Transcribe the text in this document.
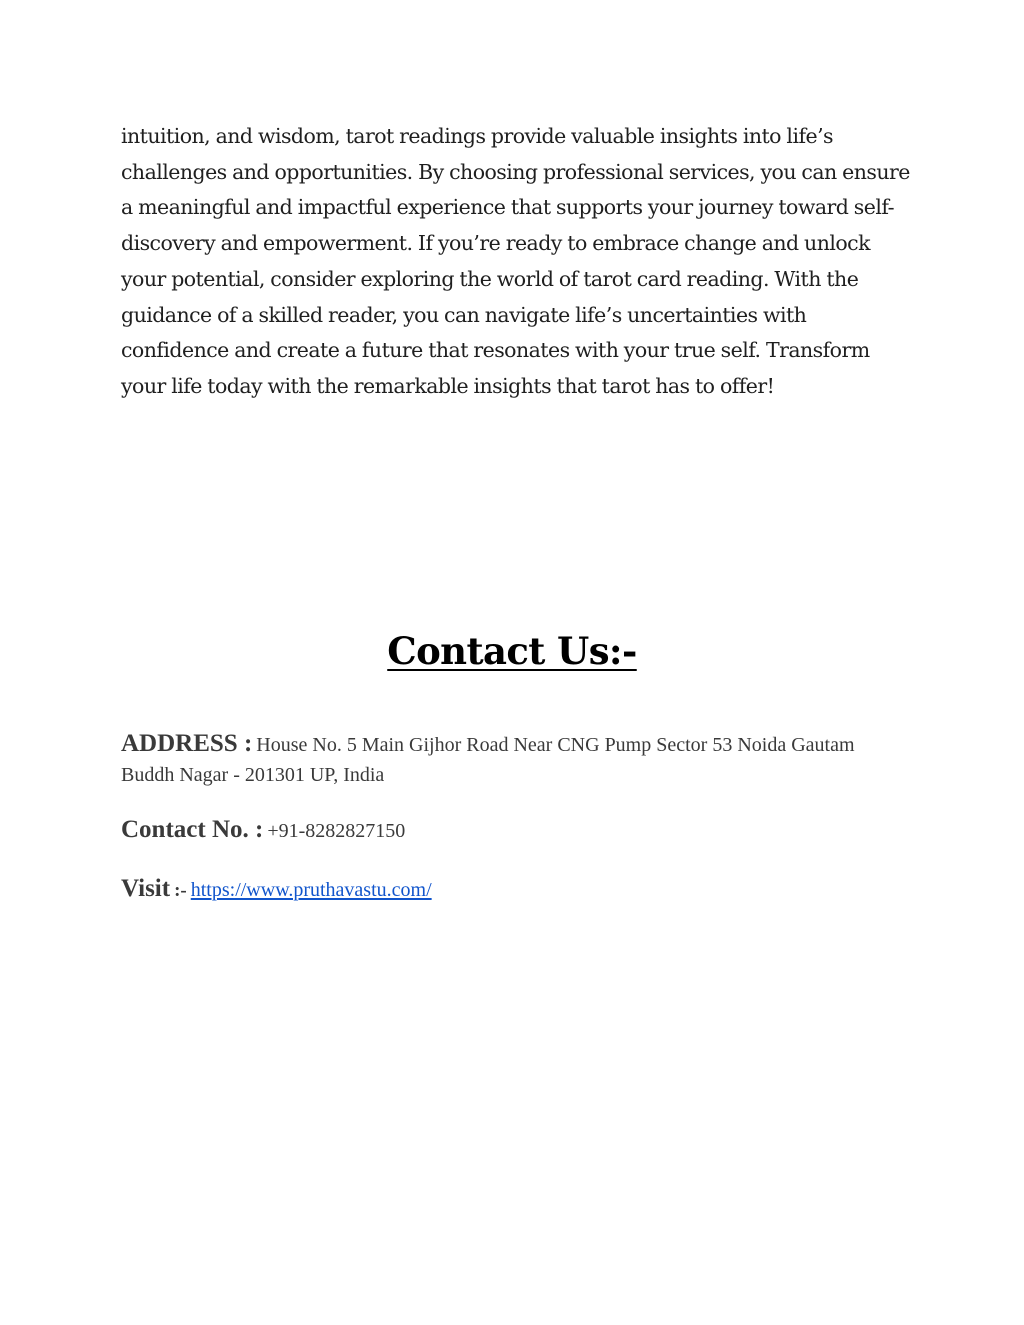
intuition, and wisdom, tarot readings provide valuable insights into life’s challenges and opportunities. By choosing professional services, you can ensure a meaningful and impactful experience that supports your journey toward self-discovery and empowerment. If you’re ready to embrace change and unlock your potential, consider exploring the world of tarot card reading. With the guidance of a skilled reader, you can navigate life’s uncertainties with confidence and create a future that resonates with your true self. Transform your life today with the remarkable insights that tarot has to offer!

Contact Us:-

ADDRESS : House No. 5 Main Gijhor Road Near CNG Pump Sector 53 Noida Gautam Buddh Nagar - 201301 UP, India

Contact No. : +91-8282827150

Visit :- https://www.pruthavastu.com/
